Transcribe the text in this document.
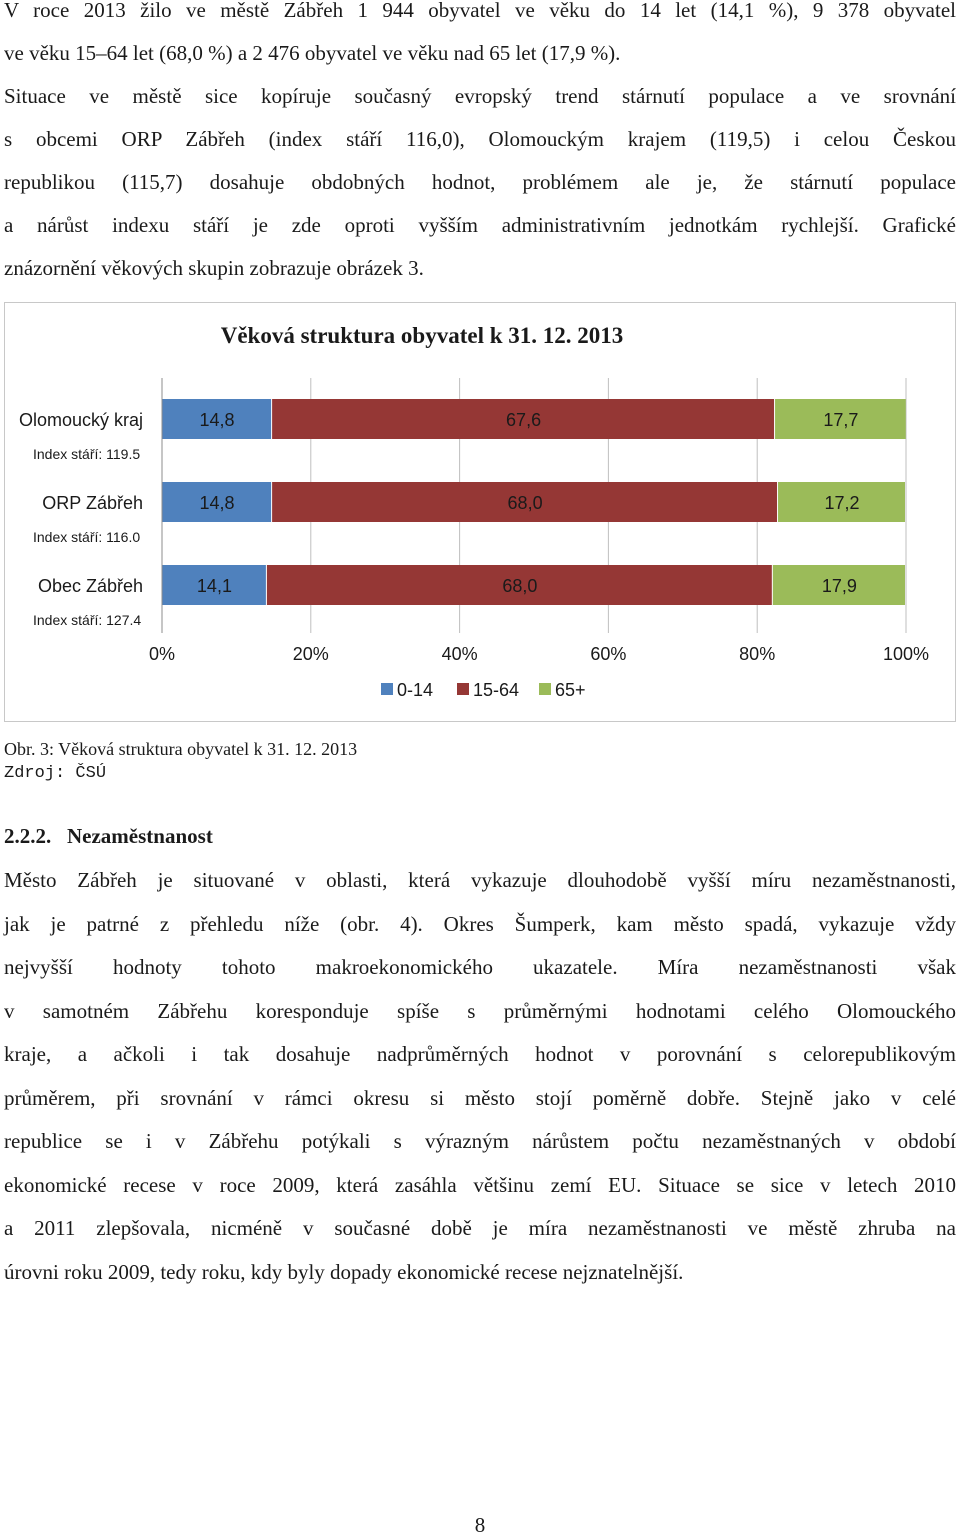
V roce 2013 žilo ve městě Zábřeh 1 944 obyvatel ve věku do 14 let (14,1 %), 9 378 obyvatel
ve věku 15–64 let (68,0 %) a 2 476 obyvatel ve věku nad 65 let (17,9 %).
Situace ve městě sice kopíruje současný evropský trend stárnutí populace a ve srovnání
s obcemi ORP Zábřeh (index stáří 116,0), Olomouckým krajem (119,5) i celou Českou
republikou (115,7) dosahuje obdobných hodnot, problémem ale je, že stárnutí populace
a nárůst indexu stáří je zde oproti vyšším administrativním jednotkám rychlejší. Grafické
znázornění věkových skupin zobrazuje obrázek 3.
Věková struktura obyvatel k 31. 12. 2013
0%	20%	40%	60%	80%	100%
14,8	67,6	17,7
Olomoucký kraj
Index stáří: 119.5
14,8	68,0	17,2
ORP Zábřeh
Index stáří: 116.0
14,1	68,0	17,9
Obec Zábřeh
Index stáří: 127.4
0-14 15-64 65+
Obr. 3: Věková struktura obyvatel k 31. 12. 2013
Zdroj: ČSÚ
2.2.2.   Nezaměstnanost
Město Zábřeh je situované v oblasti, která vykazuje dlouhodobě vyšší míru nezaměstnanosti,
jak je patrné z přehledu níže (obr. 4). Okres Šumperk, kam město spadá, vykazuje vždy
nejvyšší hodnoty tohoto makroekonomického ukazatele. Míra nezaměstnanosti však
v samotném Zábřehu koresponduje spíše s průměrnými hodnotami celého Olomouckého
kraje, a ačkoli i tak dosahuje nadprůměrných hodnot v porovnání s celorepublikovým
průměrem, při srovnání v rámci okresu si město stojí poměrně dobře. Stejně jako v celé
republice se i v Zábřehu potýkali s výrazným nárůstem počtu nezaměstnaných v období
ekonomické recese v roce 2009, která zasáhla většinu zemí EU. Situace se sice v letech 2010
a 2011 zlepšovala, nicméně v současné době je míra nezaměstnanosti ve městě zhruba na
úrovni roku 2009, tedy roku, kdy byly dopady ekonomické recese nejznatelnější.
8
